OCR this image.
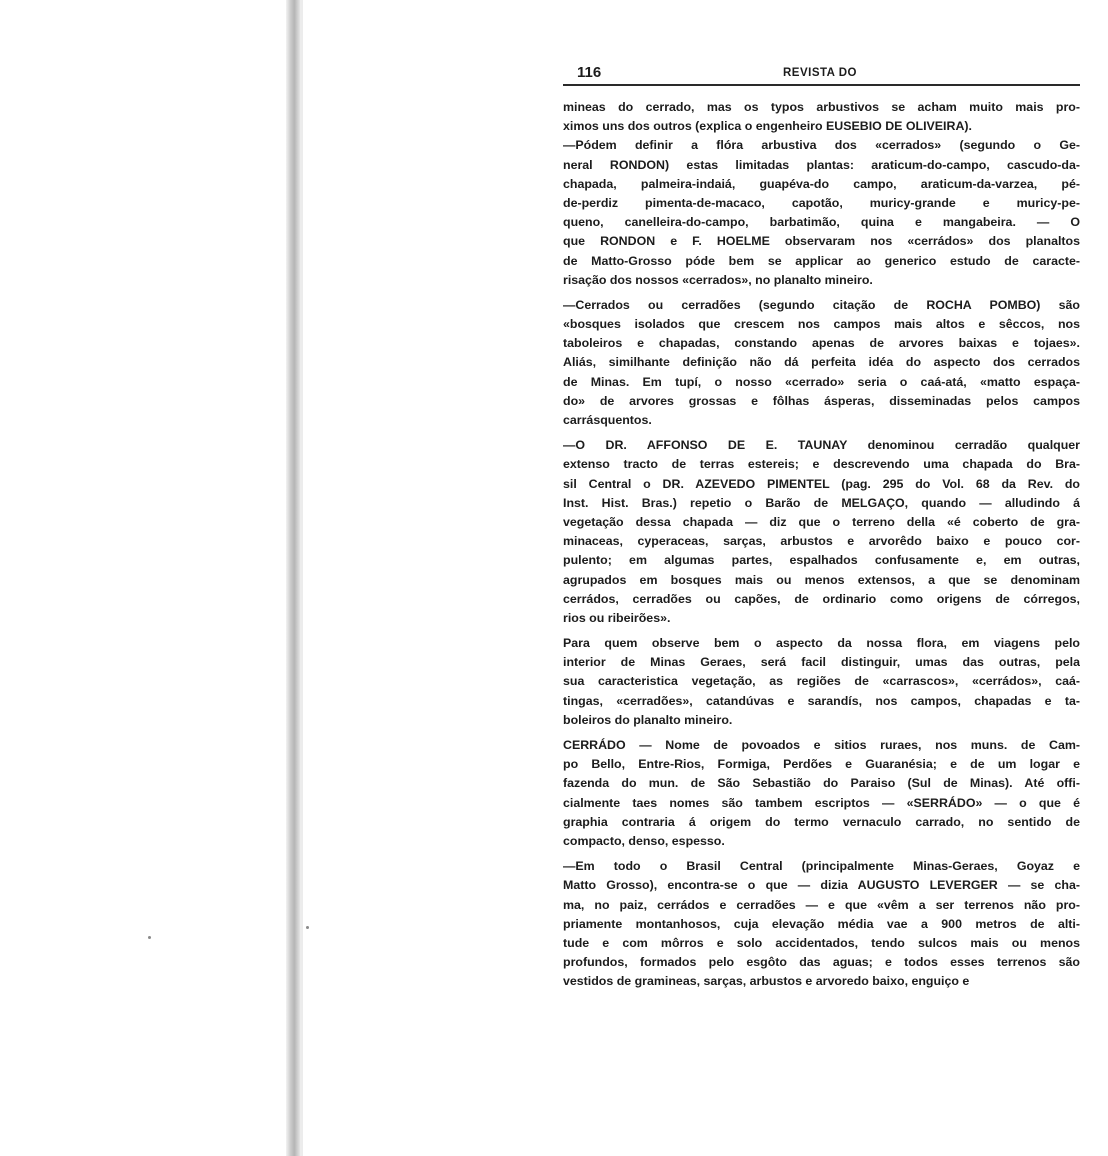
116	REVISTA DO
mineas do cerrado, mas os typos arbustivos se acham muito mais pro-
ximos uns dos outros (explica o engenheiro EUSEBIO DE OLIVEIRA).
—Pódem definir a flóra arbustiva dos «cerrados» (segundo o Ge-
neral RONDON) estas limitadas plantas: araticum-do-campo, cascudo-da-
chapada, palmeira-indaiá, guapéva-do campo, araticum-da-varzea, pé-
de-perdiz pimenta-de-macaco, capotão, muricy-grande e muricy-pe-
queno, canelleira-do-campo, barbatimão, quina e mangabeira. — O
que RONDON e F. HOELME observaram nos «cerrádos» dos planaltos
de Matto-Grosso póde bem se applicar ao generico estudo de caracte-
risação dos nossos «cerrados», no planalto mineiro.
—Cerrados ou cerradões (segundo citação de ROCHA POMBO) são
«bosques isolados que crescem nos campos mais altos e sêccos, nos
taboleiros e chapadas, constando apenas de arvores baixas e tojaes».
Aliás, similhante definição não dá perfeita idéa do aspecto dos cerrados
de Minas. Em tupí, o nosso «cerrado» seria o caá-atá, «matto espaça-
do» de arvores grossas e fôlhas ásperas, disseminadas pelos campos
carrásquentos.
—O DR. AFFONSO DE E. TAUNAY denominou cerradão qualquer
extenso tracto de terras estereis; e descrevendo uma chapada do Bra-
sil Central o DR. AZEVEDO PIMENTEL (pag. 295 do Vol. 68 da Rev. do
Inst. Hist. Bras.) repetio o Barão de MELGAÇO, quando — alludindo á
vegetação dessa chapada — diz que o terreno della «é coberto de gra-
minaceas, cyperaceas, sarças, arbustos e arvorêdo baixo e pouco cor-
pulento; em algumas partes, espalhados confusamente e, em outras,
agrupados em bosques mais ou menos extensos, a que se denominam
cerrádos, cerradões ou capões, de ordinario como origens de córregos,
rios ou ribeirões».
Para quem observe bem o aspecto da nossa flora, em viagens pelo
interior de Minas Geraes, será facil distinguir, umas das outras, pela
sua caracteristica vegetação, as regiões de «carrascos», «cerrádos», caá-
tingas, «cerradões», catandúvas e sarandís, nos campos, chapadas e ta-
boleiros do planalto mineiro.
CERRÁDO — Nome de povoados e sitios ruraes, nos muns. de Cam-
po Bello, Entre-Rios, Formiga, Perdões e Guaranésia; e de um logar e
fazenda do mun. de São Sebastião do Paraiso (Sul de Minas). Até offi-
cialmente taes nomes são tambem escriptos — «SERRÁDO» — o que é
graphia contraria á origem do termo vernaculo carrado, no sentido de
compacto, denso, espesso.
—Em todo o Brasil Central (principalmente Minas-Geraes, Goyaz e
Matto Grosso), encontra-se o que — dizia AUGUSTO LEVERGER — se cha-
ma, no paiz, cerrádos e cerradões — e que «vêm a ser terrenos não pro-
priamente montanhosos, cuja elevação média vae a 900 metros de alti-
tude e com môrros e solo accidentados, tendo sulcos mais ou menos
profundos, formados pelo esgôto das aguas; e todos esses terrenos são
vestidos de gramineas, sarças, arbustos e arvoredo baixo, enguiço e
